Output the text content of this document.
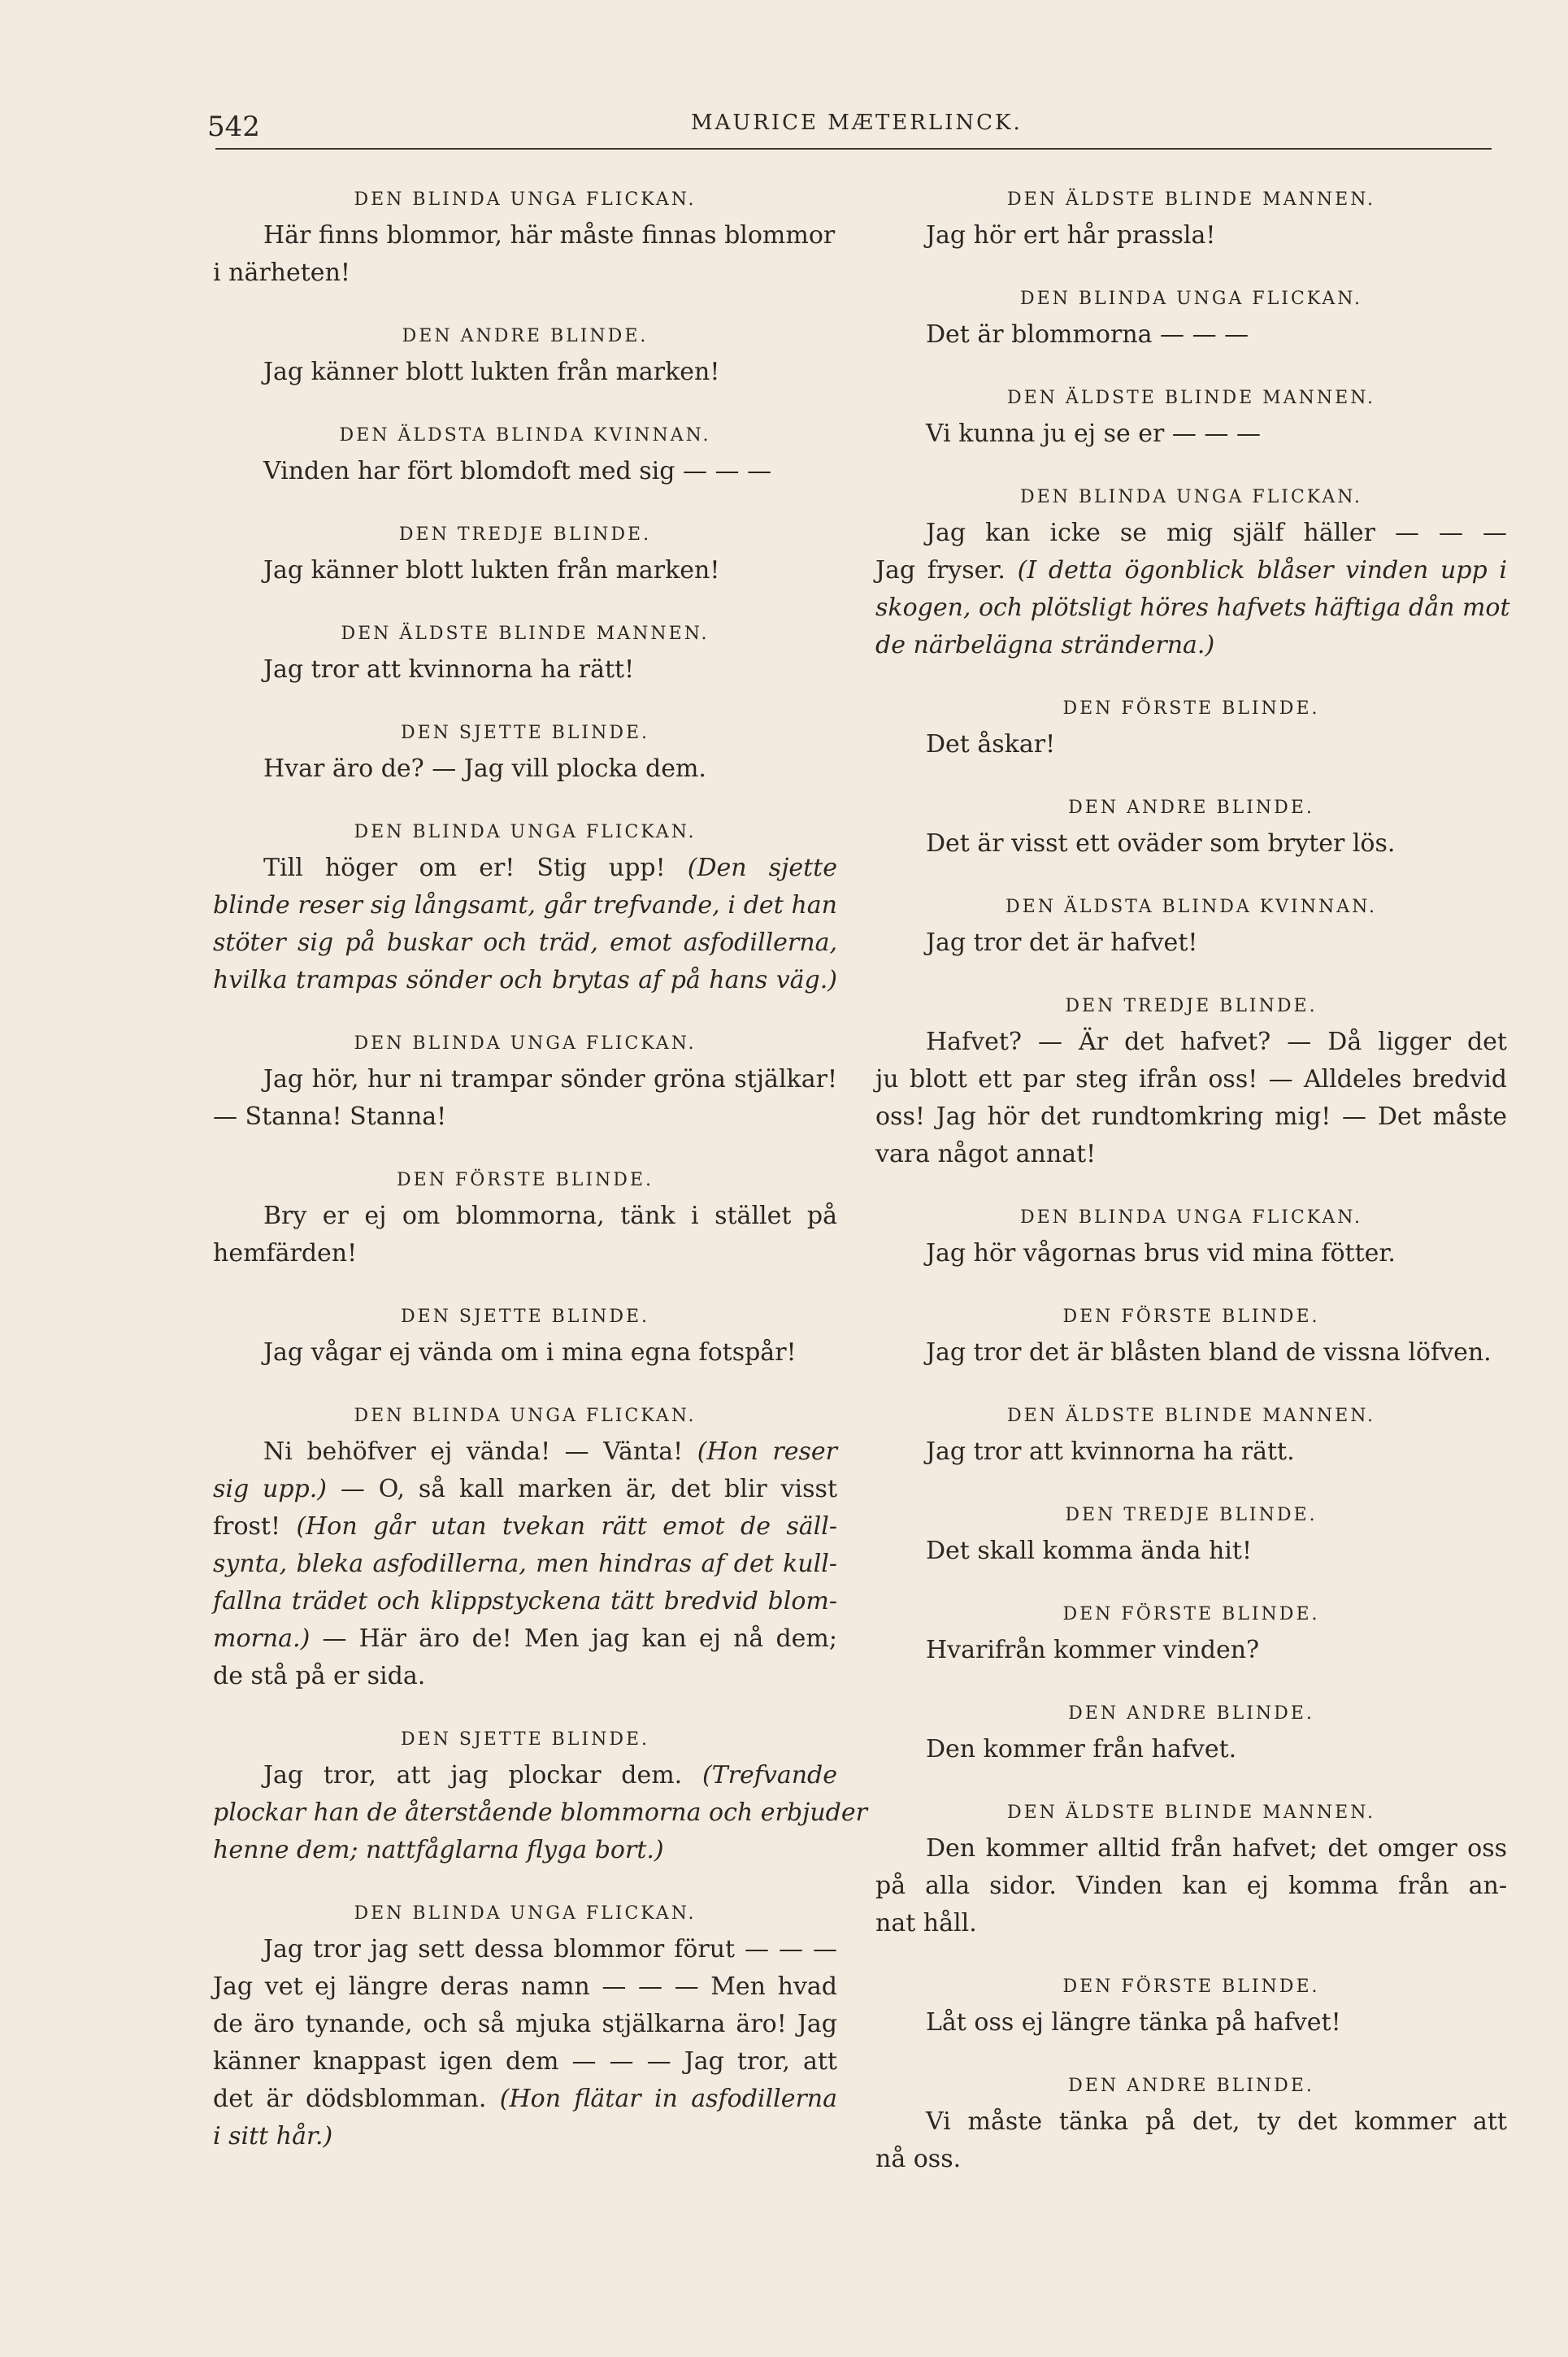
542	MAURICE MÆTERLINCK.

DEN BLINDA UNGA FLICKAN.

Här finns blommor, här måste finnas blommor

i närheten!

DEN ANDRE BLINDE.

Jag känner blott lukten från marken!

DEN ÄLDSTA BLINDA KVINNAN.

Vinden har fört blomdoft med sig — — —

DEN TREDJE BLINDE.

Jag känner blott lukten från marken!

DEN ÄLDSTE BLINDE MANNEN.

Jag tror att kvinnorna ha rätt!

DEN SJETTE BLINDE.

Hvar äro de? — Jag vill plocka dem.

DEN BLINDA UNGA FLICKAN.

Till höger om er! Stig upp! (Den sjette

blinde reser sig långsamt, går trefvande, i det han

stöter sig på buskar och träd, emot asfodillerna,

hvilka trampas sönder och brytas af på hans väg.)

DEN BLINDA UNGA FLICKAN.

Jag hör, hur ni trampar sönder gröna stjälkar!

— Stanna! Stanna!

DEN FÖRSTE BLINDE.

Bry er ej om blommorna, tänk i stället på

hemfärden!

DEN SJETTE BLINDE.

Jag vågar ej vända om i mina egna fotspår!

DEN BLINDA UNGA FLICKAN.

Ni behöfver ej vända! — Vänta! (Hon reser

sig upp.) — O, så kall marken är, det blir visst

frost! (Hon går utan tvekan rätt emot de säll-

synta, bleka asfodillerna, men hindras af det kull-

fallna trädet och klippstyckena tätt bredvid blom-

morna.) — Här äro de! Men jag kan ej nå dem;

de stå på er sida.

DEN SJETTE BLINDE.

Jag tror, att jag plockar dem. (Trefvande

plockar han de återstående blommorna och erbjuder

henne dem; nattfåglarna flyga bort.)

DEN BLINDA UNGA FLICKAN.

Jag tror jag sett dessa blommor förut — — —

Jag vet ej längre deras namn — — — Men hvad

de äro tynande, och så mjuka stjälkarna äro! Jag

känner knappast igen dem — — — Jag tror, att

det är dödsblomman. (Hon flätar in asfodillerna

i sitt hår.)

DEN ÄLDSTE BLINDE MANNEN.

Jag hör ert hår prassla!

DEN BLINDA UNGA FLICKAN.

Det är blommorna — — —

DEN ÄLDSTE BLINDE MANNEN.

Vi kunna ju ej se er — — —

DEN BLINDA UNGA FLICKAN.

Jag kan icke se mig själf häller — — —

Jag fryser. (I detta ögonblick blåser vinden upp i

skogen, och plötsligt höres hafvets häftiga dån mot

de närbelägna stränderna.)

DEN FÖRSTE BLINDE.

Det åskar!

DEN ANDRE BLINDE.

Det är visst ett oväder som bryter lös.

DEN ÄLDSTA BLINDA KVINNAN.

Jag tror det är hafvet!

DEN TREDJE BLINDE.

Hafvet? — Är det hafvet? — Då ligger det

ju blott ett par steg ifrån oss! — Alldeles bredvid

oss! Jag hör det rundtomkring mig! — Det måste

vara något annat!

DEN BLINDA UNGA FLICKAN.

Jag hör vågornas brus vid mina fötter.

DEN FÖRSTE BLINDE.

Jag tror det är blåsten bland de vissna löfven.

DEN ÄLDSTE BLINDE MANNEN.

Jag tror att kvinnorna ha rätt.

DEN TREDJE BLINDE.

Det skall komma ända hit!

DEN FÖRSTE BLINDE.

Hvarifrån kommer vinden?

DEN ANDRE BLINDE.

Den kommer från hafvet.

DEN ÄLDSTE BLINDE MANNEN.

Den kommer alltid från hafvet; det omger oss

på alla sidor. Vinden kan ej komma från an-

nat håll.

DEN FÖRSTE BLINDE.

Låt oss ej längre tänka på hafvet!

DEN ANDRE BLINDE.

Vi måste tänka på det, ty det kommer att

nå oss.
